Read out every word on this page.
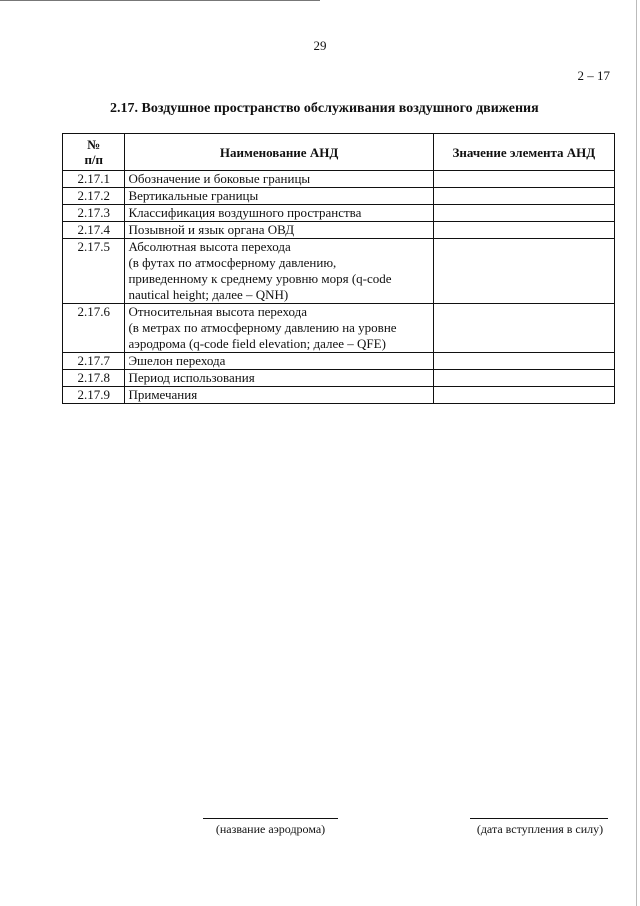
29
2 – 17
2.17. Воздушное пространство обслуживания воздушного движения
№
п/п	Наименование АНД	Значение элемента АНД
2.17.1	Обозначение и боковые границы	

2.17.2	Вертикальные границы	

2.17.3	Классификация воздушного пространства	

2.17.4	Позывной и язык органа ОВД	

2.17.5	Абсолютная высота перехода
(в футах по атмосферному давлению,
приведенному к среднему уровню моря (q-code
nautical height; далее – QNH)	

2.17.6	Относительная высота перехода
(в метрах по атмосферному давлению на уровне
аэродрома (q-code field elevation; далее – QFE)	

2.17.7	Эшелон перехода	

2.17.8	Период использования	

2.17.9	Примечания	

(название аэродрома)	(дата вступления в силу)
